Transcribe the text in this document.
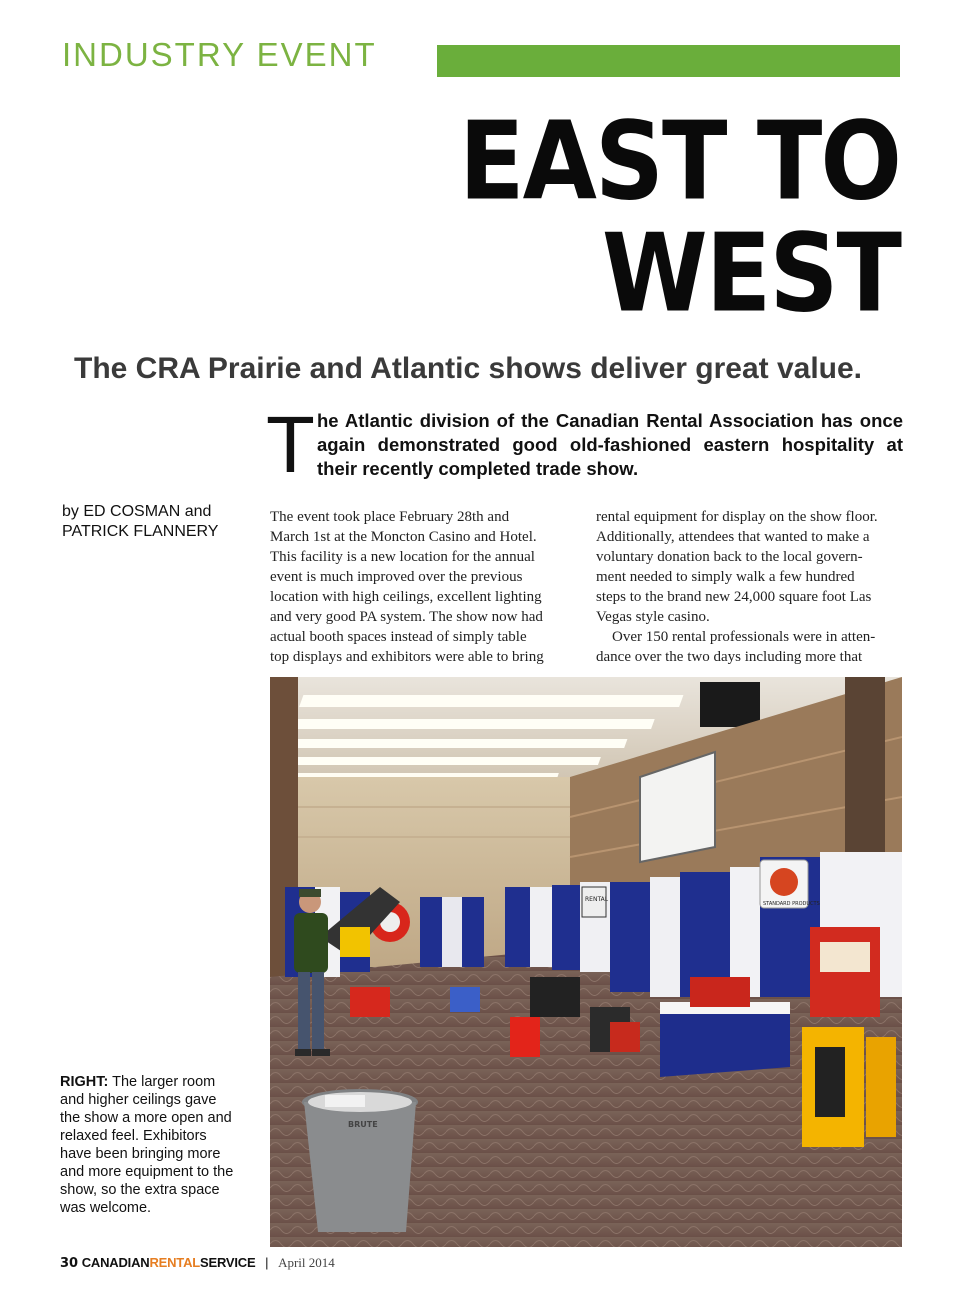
INDUSTRY EVENT
EAST TO
WEST
The CRA Prairie and Atlantic shows deliver great value.
T he Atlantic division of the Canadian Rental Association has once again demonstrated good old-fashioned eastern hospitality at their recently completed trade show.
by ED COSMAN and
PATRICK FLANNERY
The event took place February 28th and
March 1st at the Moncton Casino and Hotel.
This facility is a new location for the annual
event is much improved over the previous
location with high ceilings, excellent lighting
and very good PA system. The show now had
actual booth spaces instead of simply table
top displays and exhibitors were able to bring
rental equipment for display on the show floor.
Additionally, attendees that wanted to make a
voluntary donation back to the local govern-
ment needed to simply walk a few hundred
steps to the brand new 24,000 square foot Las
Vegas style casino.
Over 150 rental professionals were in atten-
dance over the two days including more that
RENTAL
STANDARD PRODUCTS
BRUTE
RIGHT: The larger room and higher ceilings gave the show a more open and relaxed feel. Exhibitors have been bringing more and more equipment to the show, so the extra space was welcome.
30 CANADIANRENTALSERVICE | April 2014
